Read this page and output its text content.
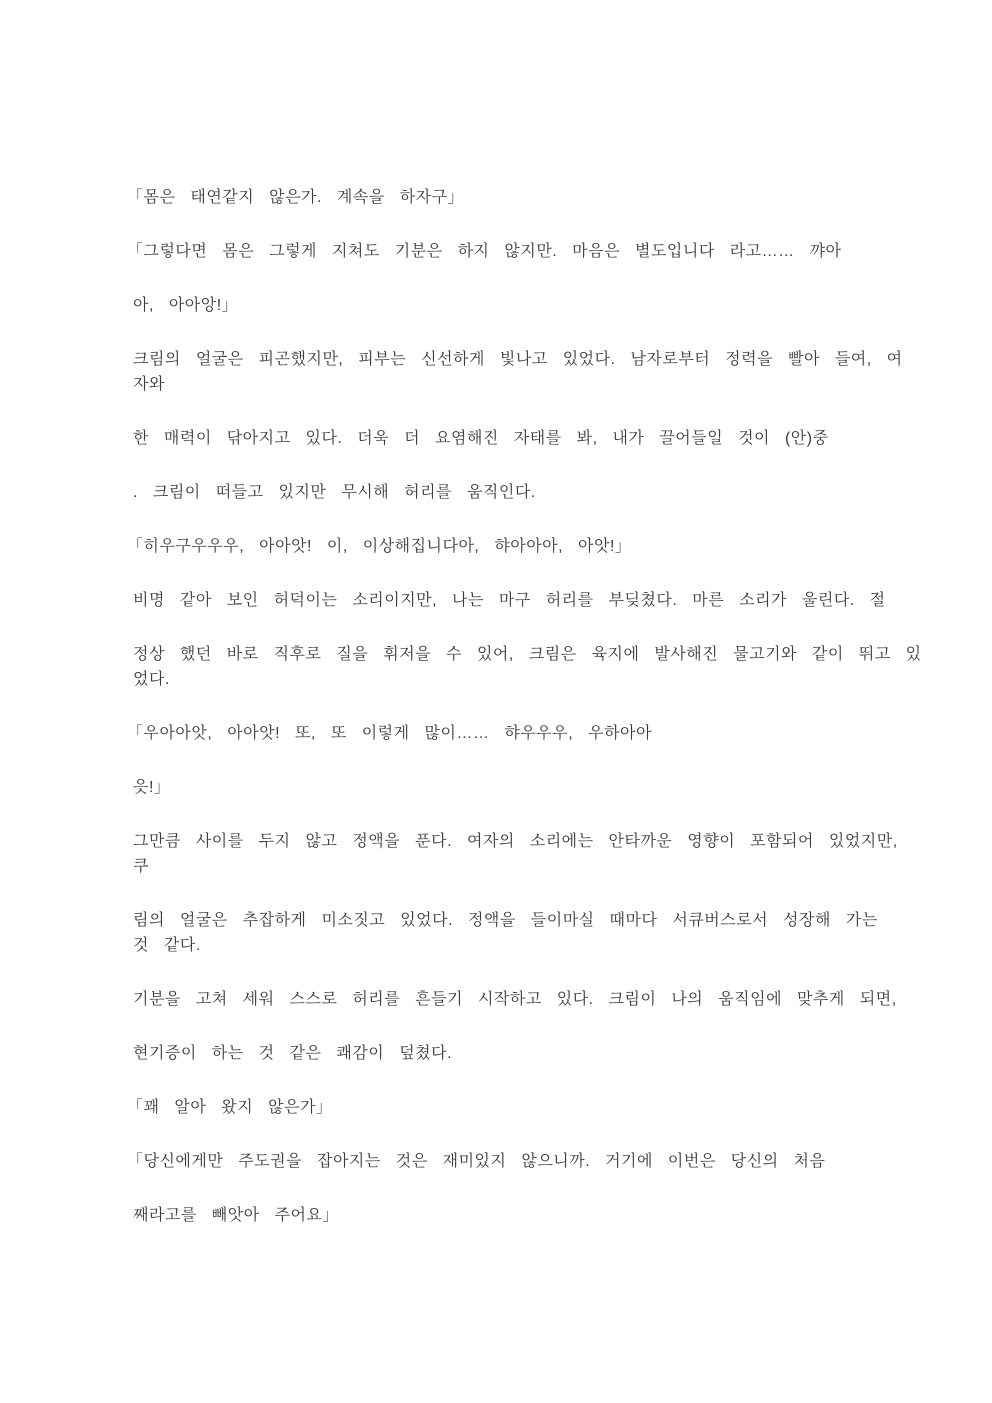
「몸은 태연같지 않은가. 계속을 하자구」
「그렇다면 몸은 그렇게 지쳐도 기분은 하지 않지만. 마음은 별도입니다 라고…… 꺄아
아, 아아앙!」
크림의 얼굴은 피곤했지만, 피부는 신선하게 빛나고 있었다. 남자로부터 정력을 빨아 들여, 여
자와
한 매력이 닦아지고 있다. 더욱 더 요염해진 자태를 봐, 내가 끌어들일 것이 (안)중
. 크림이 떠들고 있지만 무시해 허리를 움직인다.
「히우구우우우, 아아앗! 이, 이상해집니다아, 햐아아아, 아앗!」
비명 같아 보인 허덕이는 소리이지만, 나는 마구 허리를 부딪쳤다. 마른 소리가 울린다. 절
정상 했던 바로 직후로 질을 휘저을 수 있어, 크림은 육지에 발사해진 물고기와 같이 뛰고 있
었다.
「우아아앗, 아아앗! 또, 또 이렇게 많이…… 햐우우우, 우하아아
읏!」
그만큼 사이를 두지 않고 정액을 푼다. 여자의 소리에는 안타까운 영향이 포함되어 있었지만,
쿠
림의 얼굴은 추잡하게 미소짓고 있었다. 정액을 들이마실 때마다 서큐버스로서 성장해 가는
것 같다.
기분을 고쳐 세워 스스로 허리를 흔들기 시작하고 있다. 크림이 나의 움직임에 맞추게 되면,
현기증이 하는 것 같은 쾌감이 덮쳤다.
「꽤 알아 왔지 않은가」
「당신에게만 주도권을 잡아지는 것은 재미있지 않으니까. 거기에 이번은 당신의 처음
째라고를 빼앗아 주어요」
